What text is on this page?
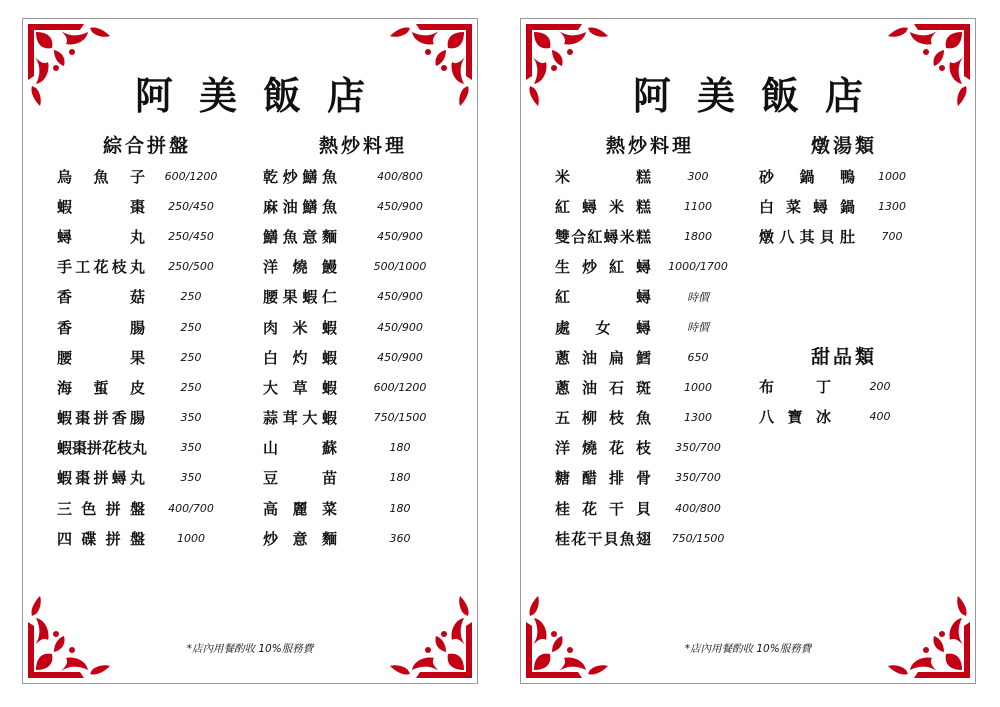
阿美飯店
綜合拼盤
烏魚子	600/1200
蝦棗	250/450
蟳丸	250/450
手工花枝丸	250/500
香菇	250
香腸	250
腰果	250
海蜇皮	250
蝦棗拼香腸	350
蝦棗拼花枝丸	350
蝦棗拼蟳丸	350
三色拼盤	400/700
四碟拼盤	1000
熱炒料理
乾炒鱔魚	400/800
麻油鱔魚	450/900
鱔魚意麵	450/900
洋燒鰻	500/1000
腰果蝦仁	450/900
肉米蝦	450/900
白灼蝦	450/900
大草蝦	600/1200
蒜茸大蝦	750/1500
山蘇	180
豆苗	180
高麗菜	180
炒意麵	360
*店內用餐酌收 10%服務費
阿美飯店
熱炒料理
米糕	300
紅蟳米糕	1100
雙合紅蟳米糕	1800
生炒紅蟳	1000/1700
紅蟳	時價
處女蟳	時價
蔥油扁鱈	650
蔥油石斑	1000
五柳枝魚	1300
洋燒花枝	350/700
糖醋排骨	350/700
桂花干貝	400/800
桂花干貝魚翅	750/1500
燉湯類
砂鍋鴨	1000
白菜蟳鍋	1300
燉八其貝肚	700
甜品類
布丁	200
八寶冰	400
*店內用餐酌收 10%服務費
